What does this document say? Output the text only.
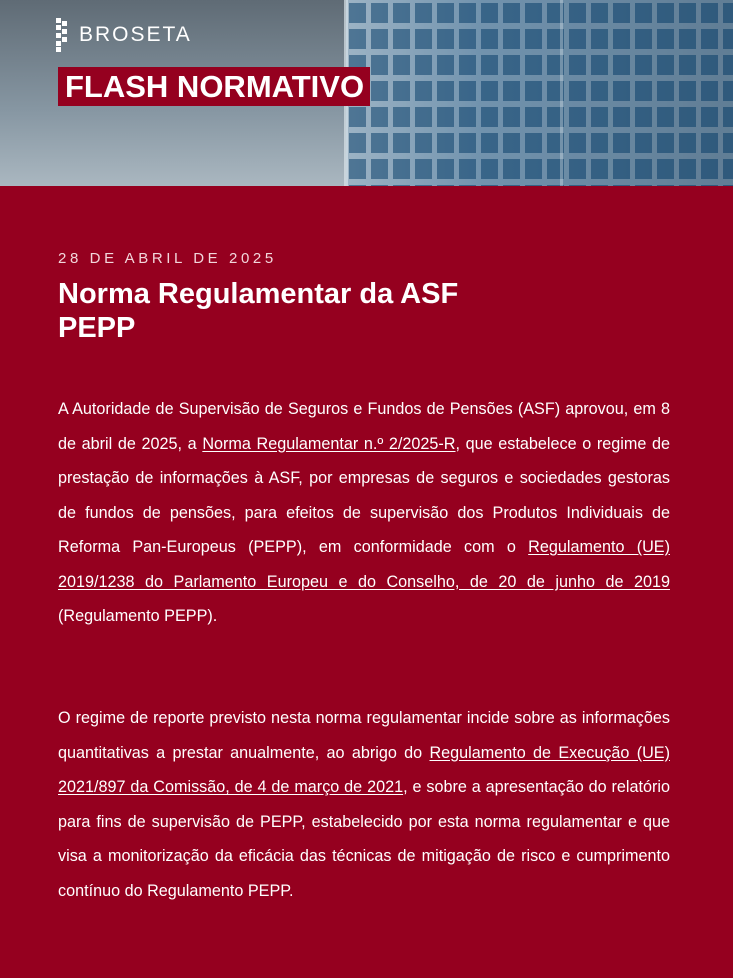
BROSETA
FLASH NORMATIVO
28 DE ABRIL DE 2025
Norma Regulamentar da ASF
PEPP

A Autoridade de Supervisão de Seguros e Fundos de Pensões (ASF) aprovou, em 8 de abril de 2025, a Norma Regulamentar n.º 2/2025-R, que estabelece o regime de prestação de informações à ASF, por empresas de seguros e sociedades gestoras de fundos de pensões, para efeitos de supervisão dos Produtos Individuais de Reforma Pan-Europeus (PEPP), em conformidade com o Regulamento (UE) 2019/1238 do Parlamento Europeu e do Conselho, de 20 de junho de 2019 (Regulamento PEPP).

O regime de reporte previsto nesta norma regulamentar incide sobre as informações quantitativas a prestar anualmente, ao abrigo do Regulamento de Execução (UE) 2021/897 da Comissão, de 4 de março de 2021, e sobre a apresentação do relatório para fins de supervisão de PEPP, estabelecido por esta norma regulamentar e que visa a monitorização da eficácia das técnicas de mitigação de risco e cumprimento contínuo do Regulamento PEPP.
